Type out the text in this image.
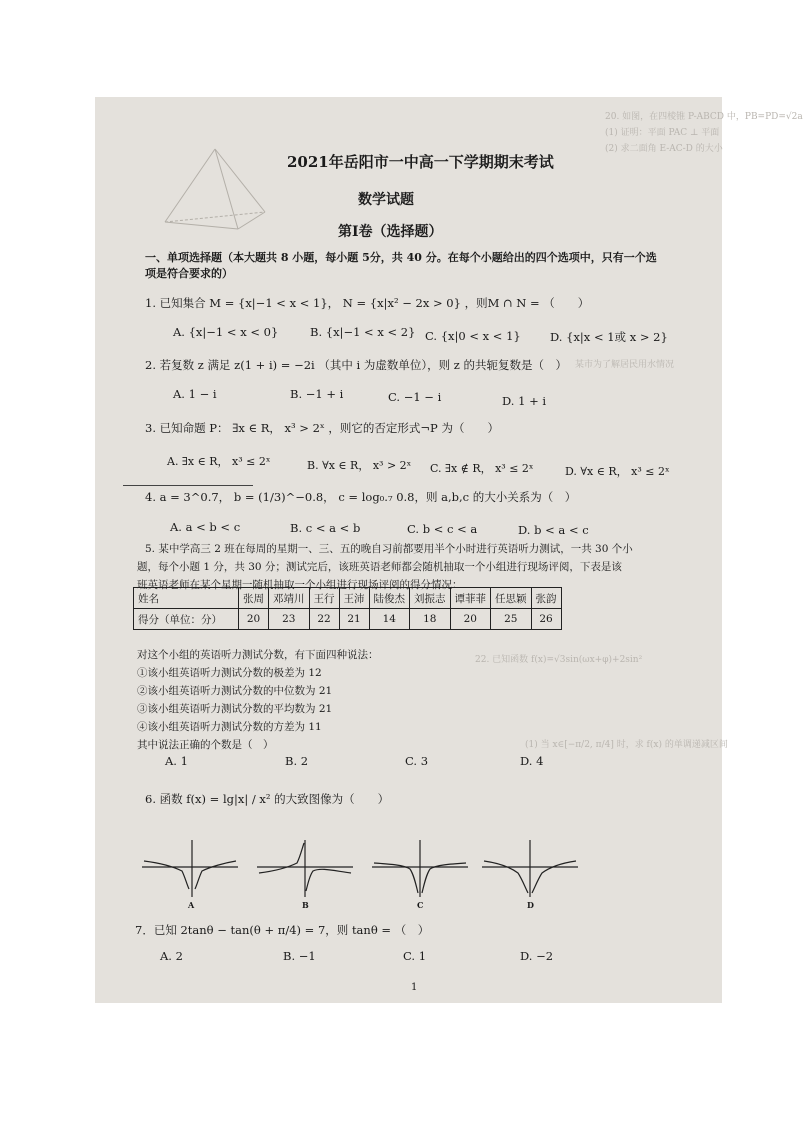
20. 如图，在四棱锥 P-ABCD 中，PB=PD=√2a
(1) 证明：平面 PAC ⊥ 平面
(2) 求二面角 E-AC-D 的大小
某市为了解居民用水情况
22. 已知函数 f(x)=√3sin(ωx+φ)+2sin²
(1) 当 x∈[−π/2, π/4] 时，求 f(x) 的单调递减区间
2021年岳阳市一中高一下学期期末考试
数学试题
第Ⅰ卷（选择题）
一、单项选择题（本大题共 8 小题，每小题 5分，共 40 分。在每个小题给出的四个选项中，只有一个选
项是符合要求的）
1. 已知集合 M = {x|−1 < x < 1}， N = {x|x² − 2x > 0} ，则M ∩ N = （　　）
A. {x|−1 < x < 0}	B. {x|−1 < x < 2} C. {x|0 < x < 1}	D. {x|x < 1或 x > 2}
2. 若复数 z 满足 z(1 + i) = −2i （其中 i 为虚数单位），则 z 的共轭复数是（　）
A. 1 − i	B. −1 + i	C. −1 − i	D. 1 + i
3. 已知命题 P： ∃x ∈ R， x³ > 2ˣ ，则它的否定形式¬P 为（　　）
A. ∃x ∈ R， x³ ≤ 2ˣ	B. ∀x ∈ R， x³ > 2ˣ C. ∃x ∉ R， x³ ≤ 2ˣ	D. ∀x ∈ R， x³ ≤ 2ˣ
4. a = 3^0.7， b = (1/3)^−0.8， c = log₀.₇ 0.8，则 a,b,c 的大小关系为（　）
A. a < b < c	B. c < a < b	C. b < c < a	D. b < a < c
5. 某中学高三 2 班在每周的星期一、三、五的晚自习前都要用半个小时进行英语听力测试，一共 30 个小
题，每个小题 1 分，共 30 分；测试完后，该班英语老师都会随机抽取一个小组进行现场评阅，下表是该
班英语老师在某个星期一随机抽取一个小组进行现场评阅的得分情况：
姓名	张周	邓靖川	王行	王沛	陆俊杰	刘振志	谭菲菲	任思颖	张韵
得分（单位：分）	20	23	22	21	14	18	20	25	26
对这个小组的英语听力测试分数，有下面四种说法：
①该小组英语听力测试分数的极差为 12
②该小组英语听力测试分数的中位数为 21
③该小组英语听力测试分数的平均数为 21
④该小组英语听力测试分数的方差为 11
其中说法正确的个数是（　）
A. 1	B. 2	C. 3	D. 4
6. 函数 f(x) = lg|x| / x² 的大致图像为（　　）
A	B	C	D
7．已知 2tanθ − tan(θ + π/4) = 7，则 tanθ = （　）
A. 2	B. −1	C. 1	D. −2
1
